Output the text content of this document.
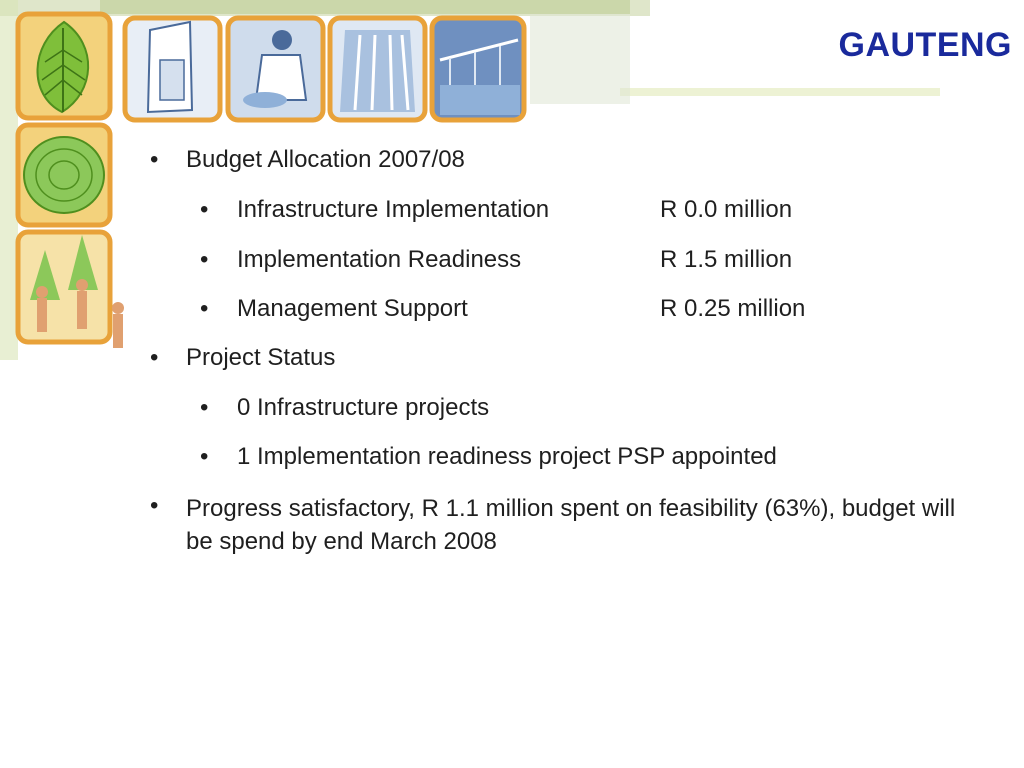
GAUTENG
• Budget Allocation 2007/08
• Infrastructure Implementation	R 0.0 million
• Implementation Readiness	R 1.5 million
• Management Support	R 0.25 million
• Project Status
• 0 Infrastructure projects
• 1 Implementation readiness project PSP appointed
• Progress satisfactory, R 1.1 million spent on feasibility (63%), budget will be spend by end March 2008
